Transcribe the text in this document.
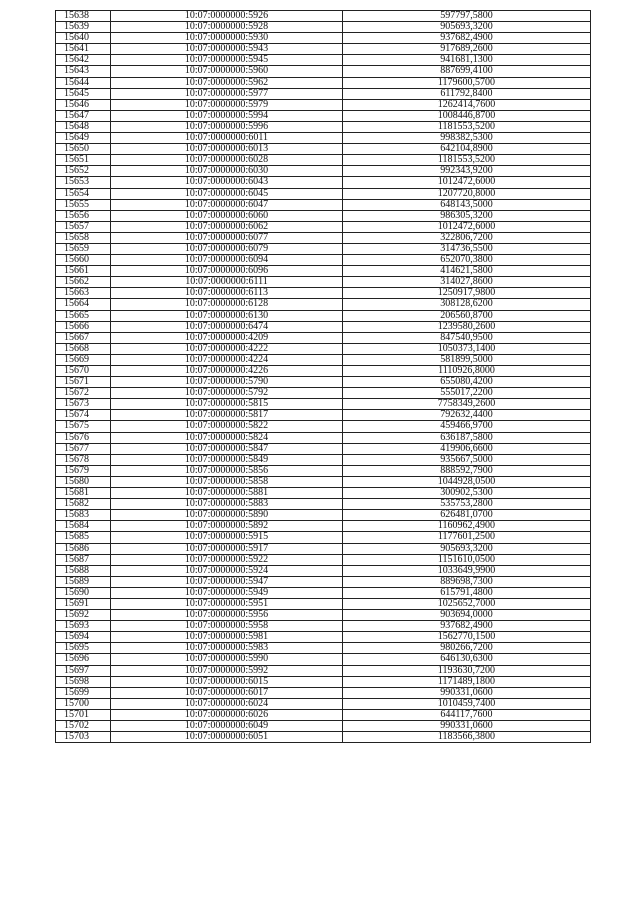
15638	10:07:0000000:5926	597797,5800
15639	10:07:0000000:5928	905693,3200
15640	10:07:0000000:5930	937682,4900
15641	10:07:0000000:5943	917689,2600
15642	10:07:0000000:5945	941681,1300
15643	10:07:0000000:5960	887699,4100
15644	10:07:0000000:5962	1179600,5700
15645	10:07:0000000:5977	611792,8400
15646	10:07:0000000:5979	1262414,7600
15647	10:07:0000000:5994	1008446,8700
15648	10:07:0000000:5996	1181553,5200
15649	10:07:0000000:6011	998382,5300
15650	10:07:0000000:6013	642104,8900
15651	10:07:0000000:6028	1181553,5200
15652	10:07:0000000:6030	992343,9200
15653	10:07:0000000:6043	1012472,6000
15654	10:07:0000000:6045	1207720,8000
15655	10:07:0000000:6047	648143,5000
15656	10:07:0000000:6060	986305,3200
15657	10:07:0000000:6062	1012472,6000
15658	10:07:0000000:6077	322806,7200
15659	10:07:0000000:6079	314736,5500
15660	10:07:0000000:6094	652070,3800
15661	10:07:0000000:6096	414621,5800
15662	10:07:0000000:6111	314027,8600
15663	10:07:0000000:6113	1250917,9800
15664	10:07:0000000:6128	308128,6200
15665	10:07:0000000:6130	206560,8700
15666	10:07:0000000:6474	1239580,2600
15667	10:07:0000000:4209	847540,9500
15668	10:07:0000000:4222	1050373,1400
15669	10:07:0000000:4224	581899,5000
15670	10:07:0000000:4226	1110926,8000
15671	10:07:0000000:5790	655080,4200
15672	10:07:0000000:5792	555017,2200
15673	10:07:0000000:5815	7758349,2600
15674	10:07:0000000:5817	792632,4400
15675	10:07:0000000:5822	459466,9700
15676	10:07:0000000:5824	636187,5800
15677	10:07:0000000:5847	419906,6600
15678	10:07:0000000:5849	935667,5000
15679	10:07:0000000:5856	888592,7900
15680	10:07:0000000:5858	1044928,0500
15681	10:07:0000000:5881	300902,5300
15682	10:07:0000000:5883	535753,2800
15683	10:07:0000000:5890	626481,0700
15684	10:07:0000000:5892	1160962,4900
15685	10:07:0000000:5915	1177601,2500
15686	10:07:0000000:5917	905693,3200
15687	10:07:0000000:5922	1151610,0500
15688	10:07:0000000:5924	1033649,9900
15689	10:07:0000000:5947	889698,7300
15690	10:07:0000000:5949	615791,4800
15691	10:07:0000000:5951	1025652,7000
15692	10:07:0000000:5956	903694,0000
15693	10:07:0000000:5958	937682,4900
15694	10:07:0000000:5981	1562770,1500
15695	10:07:0000000:5983	980266,7200
15696	10:07:0000000:5990	646130,6300
15697	10:07:0000000:5992	1193630,7200
15698	10:07:0000000:6015	1171489,1800
15699	10:07:0000000:6017	990331,0600
15700	10:07:0000000:6024	1010459,7400
15701	10:07:0000000:6026	644117,7600
15702	10:07:0000000:6049	990331,0600
15703	10:07:0000000:6051	1183566,3800
